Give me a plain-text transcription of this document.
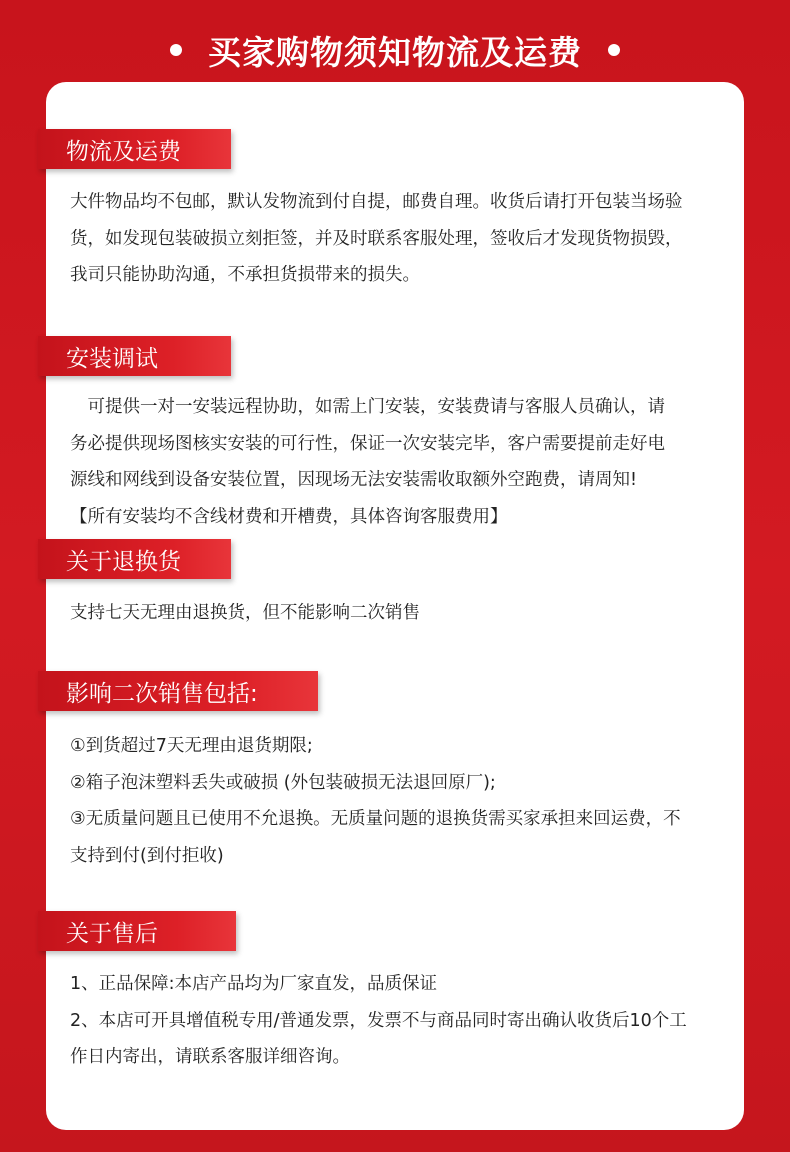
买家购物须知物流及运费
物流及运费

大件物品均不包邮，默认发物流到付自提，邮费自理。收货后请打开包装当场验

货，如发现包装破损立刻拒签，并及时联系客服处理，签收后才发现货物损毁，

我司只能协助沟通，不承担货损带来的损失。

安装调试

　可提供一对一安装远程协助，如需上门安装，安装费请与客服人员确认，请

务必提供现场图核实安装的可行性，保证一次安装完毕，客户需要提前走好电

源线和网线到设备安装位置，因现场无法安装需收取额外空跑费，请周知!

【所有安装均不含线材费和开槽费，具体咨询客服费用】

关于退换货

支持七天无理由退换货，但不能影响二次销售

影响二次销售包括:

①到货超过7天无理由退货期限;

②箱子泡沫塑料丢失或破损 (外包装破损无法退回原厂);

③无质量问题且已使用不允退换。无质量问题的退换货需买家承担来回运费，不

支持到付(到付拒收)

关于售后

1、正品保障:本店产品均为厂家直发，品质保证

2、本店可开具增值税专用/普通发票，发票不与商品同时寄出确认收货后10个工

作日内寄出，请联系客服详细咨询。
